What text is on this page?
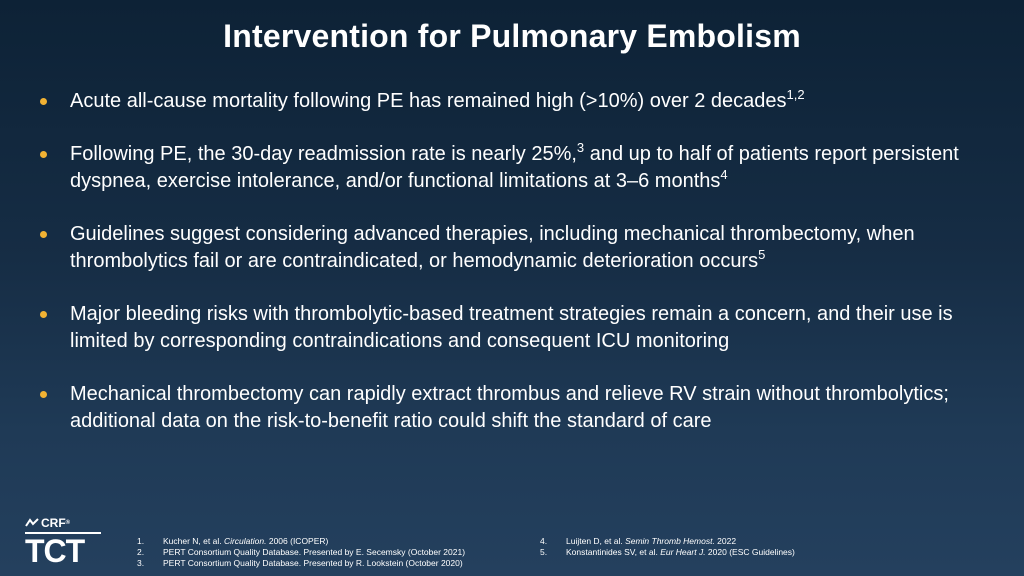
Intervention for Pulmonary Embolism
Acute all-cause mortality following PE has remained high (>10%) over 2 decades$^{1,2}$
Following PE, the 30-day readmission rate is nearly 25%,$^3$ and up to half of patients report persistent dyspnea, exercise intolerance, and/or functional limitations at 3–6 months$^4$
Guidelines suggest considering advanced therapies, including mechanical thrombectomy, when thrombolytics fail or are contraindicated, or hemodynamic deterioration occurs$^5$
Major bleeding risks with thrombolytic-based treatment strategies remain a concern, and their use is limited by corresponding contraindications and consequent ICU monitoring
Mechanical thrombectomy can rapidly extract thrombus and relieve RV strain without thrombolytics; additional data on the risk-to-benefit ratio could shift the standard of care
CRF ®
TCT	1.	Kucher N, et al. Circulation. 2006 (ICOPER)
2.	PERT Consortium Quality Database. Presented by E. Secemsky (October 2021)
3.	PERT Consortium Quality Database. Presented by R. Lookstein (October 2020)
4.	Luijten D, et al. Semin Thromb Hemost. 2022
5.	Konstantinides SV, et al. Eur Heart J. 2020 (ESC Guidelines)
